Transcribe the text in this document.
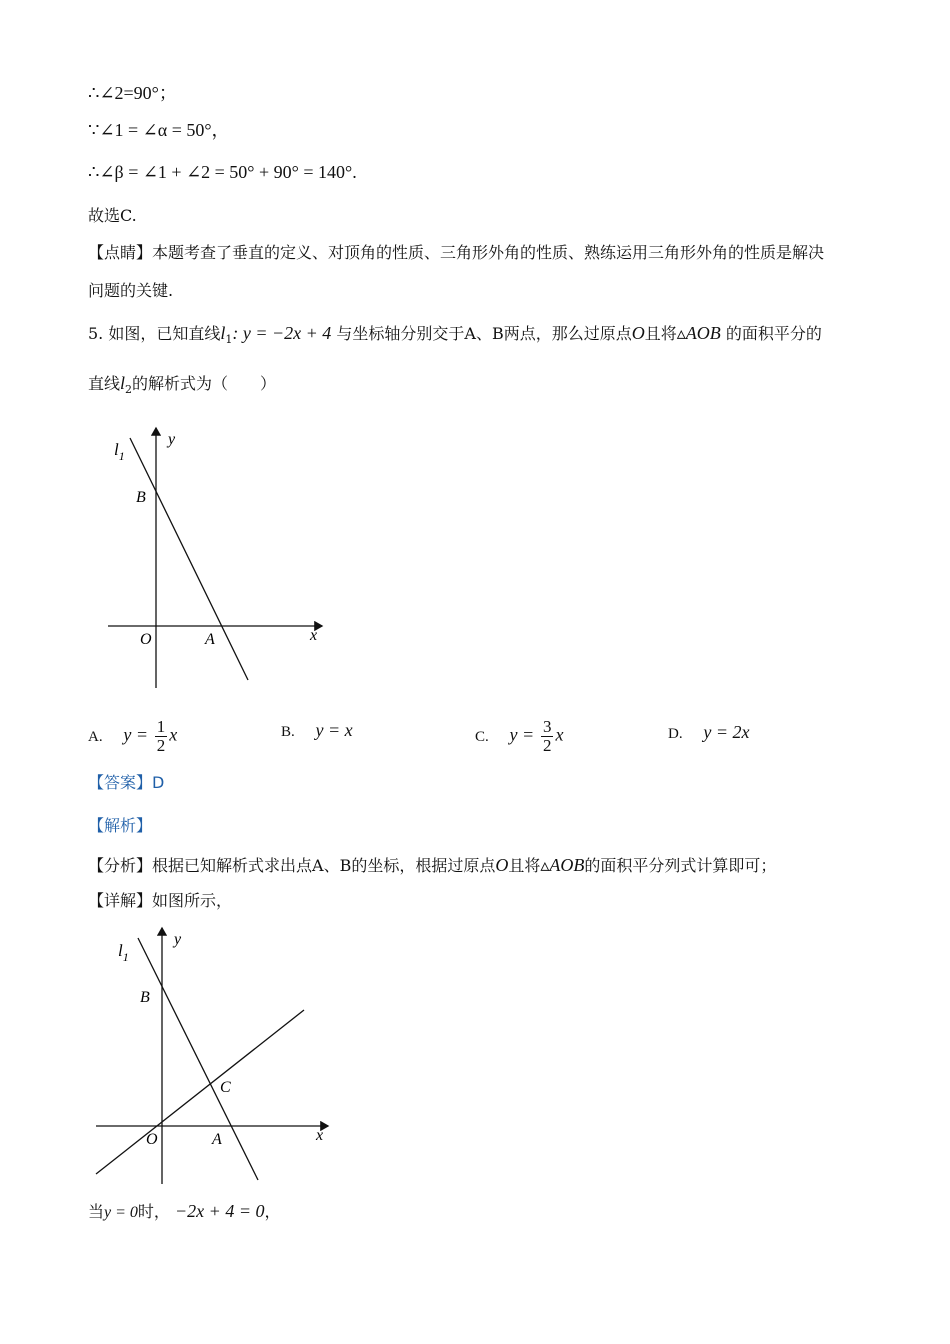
∴∠2=90°；
∵∠1 = ∠α = 50°，
∴∠β = ∠1 + ∠2 = 50° + 90° = 140°.
故选C.
【点睛】本题考查了垂直的定义、对顶角的性质、三角形外角的性质、熟练运用三角形外角的性质是解决
问题的关键.
5. 如图，已知直线$l_1$: y = −2x + 4 与坐标轴分别交于A、B两点，那么过原点O且将▵AOB 的面积平分的
直线$l_2$的解析式为（　　）
$l_1$
y
x
B
O	A
A. $y = \frac{1}{2}$ x	B. y = x	C. $y = \frac{3}{2}$ x	D. y = 2x
【答案】D
【解析】
【分析】根据已知解析式求出点A、B的坐标，根据过原点O且将▵AOB的面积平分列式计算即可；
【详解】如图所示，
$l_1$
y
x
B
O	A
C
当y = 0时， −2x + 4 = 0，
